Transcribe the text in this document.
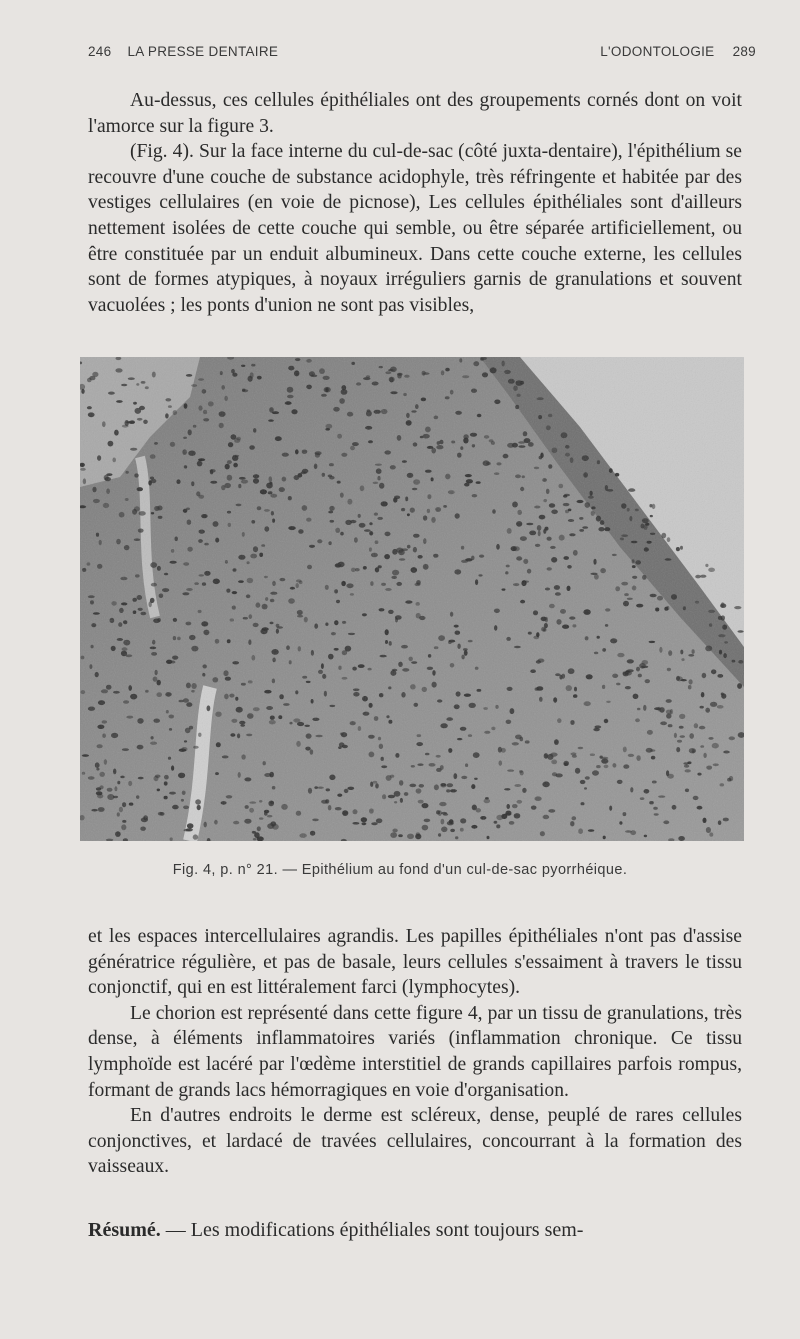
246 LA PRESSE DENTAIRE	L'ODONTOLOGIE 289

Au-dessus, ces cellules épithéliales ont des groupements cornés dont on voit l'amorce sur la figure 3.

(Fig. 4). Sur la face interne du cul-de-sac (côté juxta-dentaire), l'épithélium se recouvre d'une couche de substance acidophyle, très réfringente et habitée par des vestiges cellulaires (en voie de picnose), Les cellules épithéliales sont d'ailleurs nettement isolées de cette couche qui semble, ou être séparée artificiellement, ou être constituée par un enduit albumineux. Dans cette couche externe, les cellules sont de formes atypiques, à noyaux irréguliers garnis de granulations et souvent vacuolées ; les ponts d'union ne sont pas visibles,

Fig. 4, p. n° 21. — Epithélium au fond d'un cul-de-sac pyorrhéique.

et les espaces intercellulaires agrandis. Les papilles épithéliales n'ont pas d'assise génératrice régulière, et pas de basale, leurs cellules s'essaiment à travers le tissu conjonctif, qui en est littéralement farci (lymphocytes).

Le chorion est représenté dans cette figure 4, par un tissu de granulations, très dense, à éléments inflammatoires variés (inflammation chronique. Ce tissu lymphoïde est lacéré par l'œdème interstitiel de grands capillaires parfois rompus, formant de grands lacs hémorragiques en voie d'organisation.

En d'autres endroits le derme est scléreux, dense, peuplé de rares cellules conjonctives, et lardacé de travées cellulaires, concourrant à la formation des vaisseaux.

Résumé. — Les modifications épithéliales sont toujours sem-
